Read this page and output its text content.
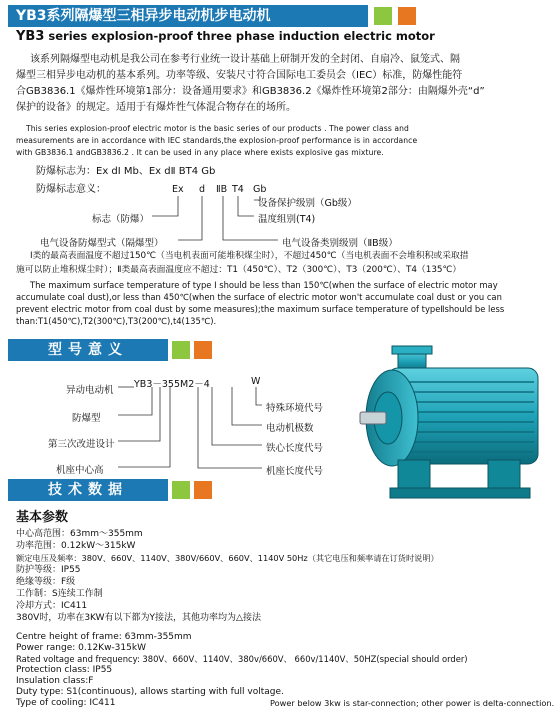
YB3系列隔爆型三相异步电动机步电动机
YB3 series explosion-proof three phase induction electric motor
该系列隔爆型电动机是我公司在参考行业统一设计基础上研制开发的全封闭、自扇冷、鼠笼式、隔
爆型三相异步电动机的基本系列。功率等级、安装尺寸符合国际电工委员会（IEC）标准，防爆性能符
合GB3836.1《爆炸性环境第1部分：设备通用要求》和GB3836.2《爆炸性环境第2部分：由隔爆外壳“d”
保护的设备》的规定。适用于有爆炸性气体混合物存在的场所。
This series explosion-proof electric motor is the basic series of our products . The power class and
measurements are in accordance with IEC standards,the explosion-proof performance is in accordance
with GB3836.1 andGB3836.2 . It can be used in any place where exists explosive gas mixture.
防爆标志为：Ex dI Mb、Ex dⅡ BT4 Gb
防爆标志意义：	Ex d ⅡB T4 Gb
设备保护级别（Gb级）
温度组别(T4)
标志（防爆）
电气设备防爆型式（隔爆型）	电气设备类别级别（ⅡB级）
Ⅰ类的最高表面温度不超过150℃（当电机表面可能堆积煤尘时），不超过450℃（当电机表面不会堆积积或采取措
施可以防止堆积煤尘时）；Ⅱ类最高表面温度应不超过：T1（450℃）、T2（300℃）、T3（200℃）、T4（135℃）
The maximum surface temperature of type Ⅰ should be less than 150℃(when the surface of electric motor may
accumulate coal dust),or less than 450℃(when the surface of electric motor won't accumulate coal dust or you can
prevent electric motor from coal dust by some measures);the maximum surface temperature of typeⅡshould be less
than:T1(450℃),T2(300℃),T3(200℃),t4(135℃).
型号意义
YB3－355M2－4	W
异动电动机
防爆型
第三次改进设计
机座中心高
特殊环境代号
电动机极数
铁心长度代号
机座长度代号
技术数据
基本参数
中心高范围：63mm～355mm
功率范围：0.12kW～315kW
额定电压及频率：380V、660V、1140V、380V/660V、660V、1140V 50Hz（其它电压和频率请在订货时说明）
防护等级：IP55
绝缘等级：F级
工作制：S连续工作制
冷却方式：IC411
380V时，功率在3KW有以下都为Y接法，其他功率均为△接法
Centre height of frame: 63mm-355mm
Power range: 0.12Kw-315kW
Rated voltage and frequency: 380V、660V、1140V、380v/660V、 660v/1140V、50HZ(special should order)
Protection class: IP55
Insulation class:F
Duty type: S1(continuous), allows starting with full voltage.
Type of cooling: IC411	Power below 3kw is star-connection; other power is delta-connection.
